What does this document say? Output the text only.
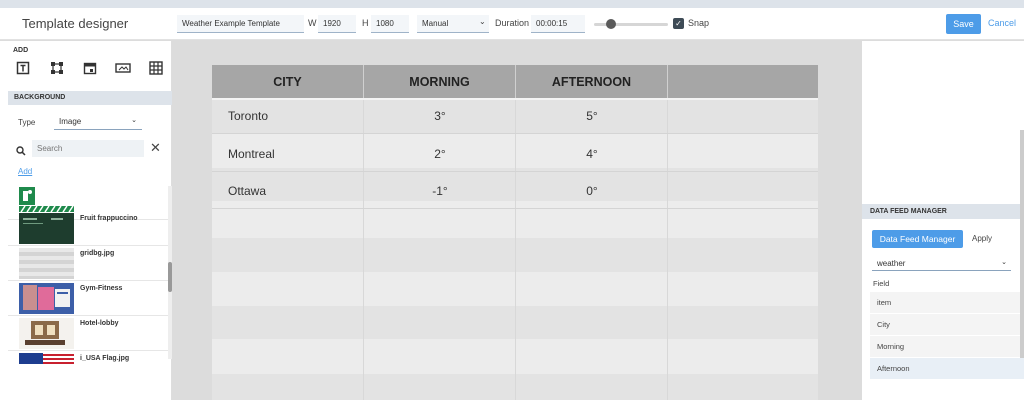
Template designer	Weather Example Template	W 1920	H 1080	Manual	⌄ Duration 00:00:15	✓ Snap	Save	Cancel
ADD
BACKGROUND
Type	Image	⌄
Search
✕
Add
Fruit frappuccino
gridbg.jpg
Gym-Fitness
Hotel-lobby
i_USA Flag.jpg
CITY	MORNING	AFTERNOON
Toronto	3°	5°
Montreal	2°	4°
Ottawa	-1°	0°
DATA FEED MANAGER
Data Feed Manager	Apply
weather	⌄
Field
item
City
Morning
Afternoon
